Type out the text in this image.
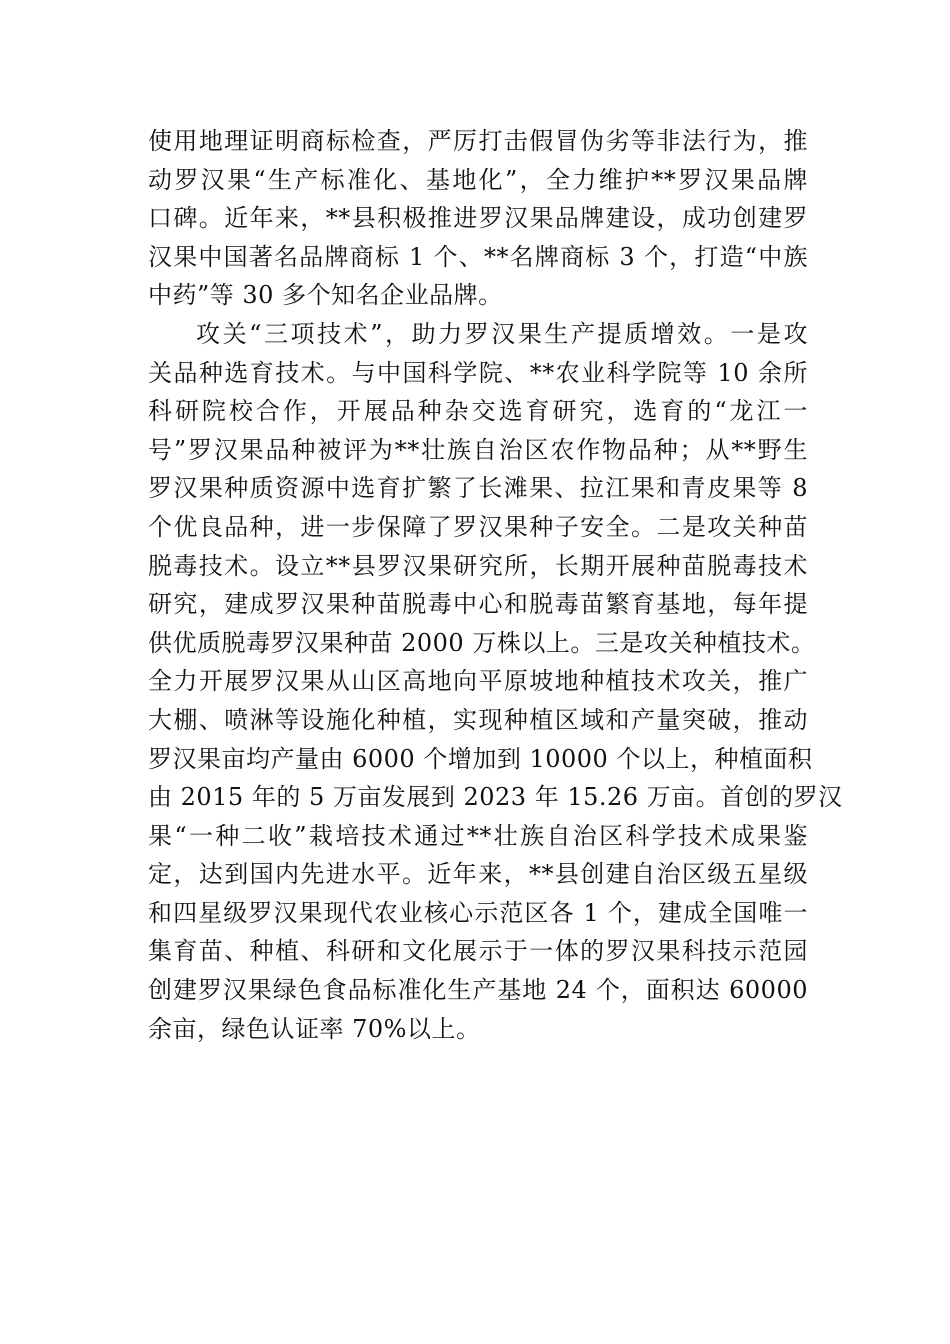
使用地理证明商标检查，严厉打击假冒伪劣等非法行为，推
动罗汉果“生产标准化、基地化”，全力维护**罗汉果品牌
口碑。近年来，**县积极推进罗汉果品牌建设，成功创建罗
汉果中国著名品牌商标 1 个、**名牌商标 3 个，打造“中族
中药”等 30 多个知名企业品牌。
攻关“三项技术”，助力罗汉果生产提质增效。一是攻
关品种选育技术。与中国科学院、**农业科学院等 10 余所
科研院校合作，开展品种杂交选育研究，选育的“龙江一
号”罗汉果品种被评为**壮族自治区农作物品种；从**野生
罗汉果种质资源中选育扩繁了长滩果、拉江果和青皮果等 8
个优良品种，进一步保障了罗汉果种子安全。二是攻关种苗
脱毒技术。设立**县罗汉果研究所，长期开展种苗脱毒技术
研究，建成罗汉果种苗脱毒中心和脱毒苗繁育基地，每年提
供优质脱毒罗汉果种苗 2000 万株以上。三是攻关种植技术。
全力开展罗汉果从山区高地向平原坡地种植技术攻关，推广
大棚、喷淋等设施化种植，实现种植区域和产量突破，推动
罗汉果亩均产量由 6000 个增加到 10000 个以上，种植面积
由 2015 年的 5 万亩发展到 2023 年 15.26 万亩。首创的罗汉
果“一种二收”栽培技术通过**壮族自治区科学技术成果鉴
定，达到国内先进水平。近年来，**县创建自治区级五星级
和四星级罗汉果现代农业核心示范区各 1 个，建成全国唯一
集育苗、种植、科研和文化展示于一体的罗汉果科技示范园
创建罗汉果绿色食品标准化生产基地 24 个，面积达 60000
余亩，绿色认证率 70%以上。
